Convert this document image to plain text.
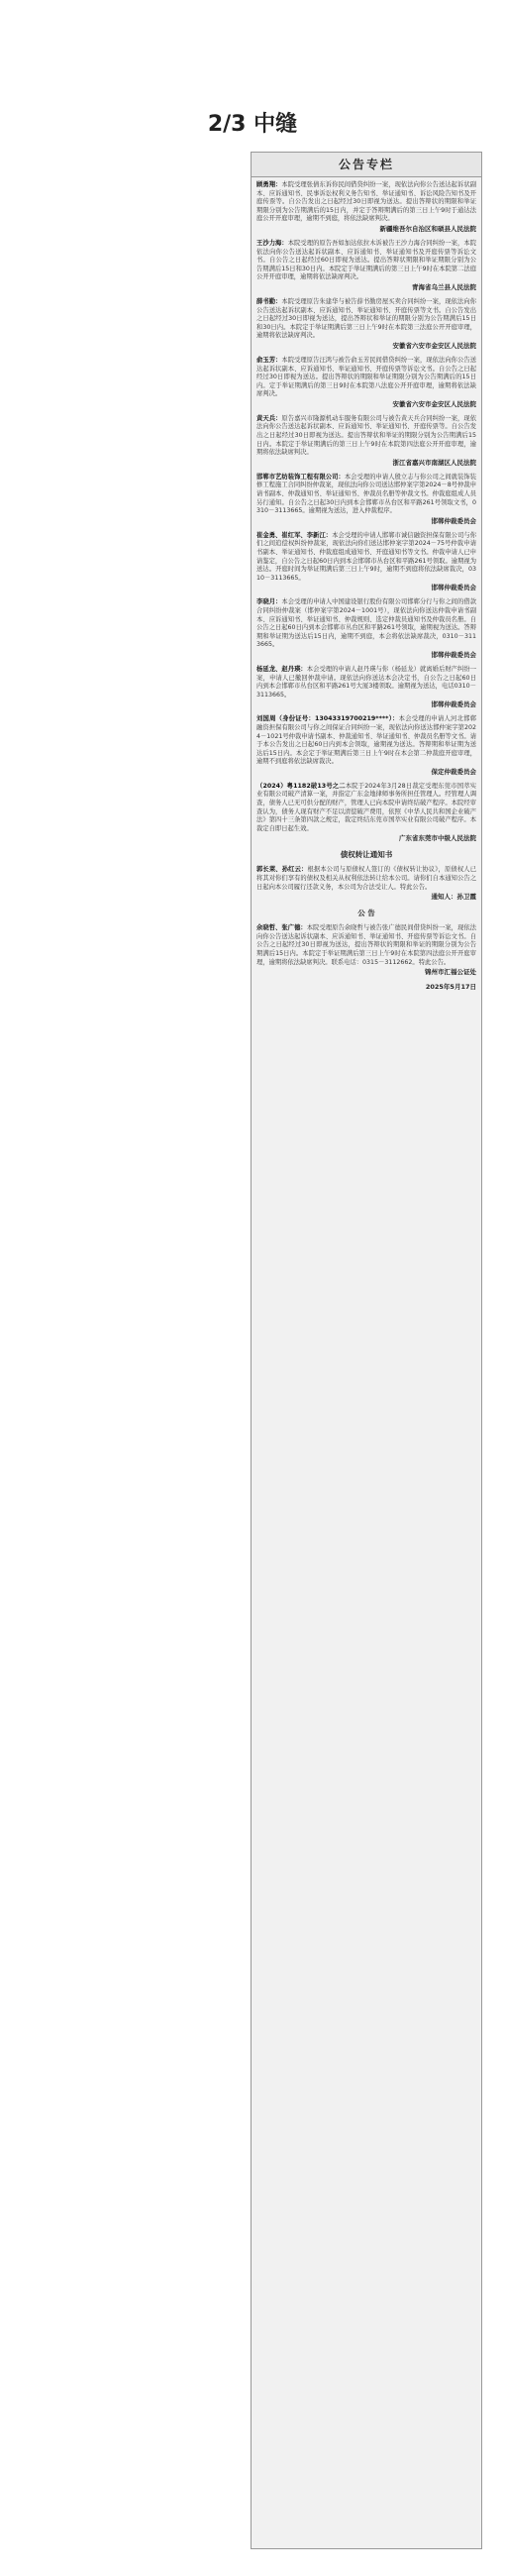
2/3 中缝
公告专栏

顾勇翔：本院受理张倩东诉你民间借贷纠纷一案，现依法向你公告送达起诉状副本、应诉通知书、民事诉讼权利义务告知书、举证通知书、诉讼风险告知书及开庭传票等。自公告发出之日起经过30日即视为送达。提出答辩状的期限和举证期限分别为公告期满后的15日内，并定于答辩期满后的第三日上午9时于通达法庭公开开庭审理，逾期不到庭，将依法缺席判决。

新疆维吾尔自治区和硕县人民法院

王沙力海：本院受理的原告吾如加达依拉木诉被告王沙力海合同纠纷一案，本院依法向你公告送达起诉状副本、应诉通知书、举证通知书及开庭传票等诉讼文书。自公告之日起经过60日即视为送达。提出答辩状期限和举证期限分别为公告期满后15日和30日内。本院定于举证期满后的第三日上午9时在本院第二法庭公开开庭审理，逾期将依法缺席判决。

青海省乌兰县人民法院

薛书勤：本院受理原告朱建华与被告薛书勤房屋买卖合同纠纷一案，现依法向你公告送达起诉状副本、应诉通知书、举证通知书、开庭传票等文书。自公告发出之日起经过30日即视为送达，提出答辩状和举证的期限分别为公告期满后15日和30日内。本院定于举证期满后第三日上午9时在本院第三法庭公开开庭审理，逾期将依法缺席判决。

安徽省六安市金安区人民法院

俞玉芳：本院受理原告汪鸿与被告俞玉芳民间借贷纠纷一案，现依法向你公告送达起诉状副本、应诉通知书、举证通知书、开庭传票等诉讼文书。自公告之日起经过30日即视为送达。提出答辩状的期限和举证期限分别为公告期满后的15日内。定于举证期满后的第三日9时在本院第八法庭公开开庭审理，逾期将依法缺席判决。

安徽省六安市金安区人民法院

黄天兵：原告嘉兴市隆源机动车服务有限公司与被告黄天兵合同纠纷一案，现依法向你公告送达起诉状副本、应诉通知书、举证通知书、开庭传票等。自公告发出之日起经过30日即视为送达。提出答辩状和举证的期限分别为公告期满后15日内。本院定于举证期满后的第三日上午9时在本院第四法庭公开开庭审理，逾期将依法缺席判决。

浙江省嘉兴市南湖区人民法院

邯郸市艺纺装饰工程有限公司：本会受理的申请人殷立志与你公司之间就装饰装修工程施工合同纠纷仲裁案，现依法向你公司送达邯仲案字第2024－8号仲裁申请书副本、仲裁通知书、举证通知书、仲裁员名册等仲裁文书。仲裁庭组成人员另行通知。自公告之日起30日内到本会邯郸市丛台区和平路261号领取文书，0310－3113665。逾期视为送达，进入仲裁程序。

邯郸仲裁委员会

崔金勇、崔红军、李新江：本会受理的申请人邯郸市诚信融资担保有限公司与你们之间追偿权纠纷仲裁案，现依法向你们送达邯仲案字第2024－75号仲裁申请书副本、举证通知书、仲裁庭组成通知书、开庭通知书等文书。仲裁申请人已申请鉴定，自公告之日起60日内到本会邯郸市丛台区和平路261号领取。逾期视为送达。开庭时间为举证期满后第三日上午9时，逾期不到庭将依法缺席裁决，0310－3113665。

邯郸仲裁委员会

李晓月：本会受理的申请人中国建设银行股份有限公司邯郸分行与你之间的借款合同纠纷仲裁案（邯仲案字第2024－1001号），现依法向你送达仲裁申请书副本、应诉通知书、举证通知书、仲裁规则、选定仲裁员通知书及仲裁员名册。自公告之日起60日内到本会邯郸市丛台区和平路261号领取，逾期视为送达。答辩期和举证期为送达后15日内，逾期不到庭，本会将依法缺席裁决，0310－3113665。

邯郸仲裁委员会

杨延龙、赵丹瑛：本会受理的申请人赵丹瑛与你（杨延龙）就离婚后财产纠纷一案，申请人已撤回仲裁申请。现依法向你送达本会决定书，自公告之日起60日内到本会邯郸市丛台区和平路261号大厦3楼领取。逾期视为送达，电话0310－3113665。

邯郸仲裁委员会

刘国周（身份证号：13043319700219****）：本会受理的申请人河北邯郸融资担保有限公司与你之间保证合同纠纷一案，现依法向你送达邯仲案字第2024－1021号仲裁申请书副本、仲裁通知书、举证通知书、仲裁员名册等文书。请于本公告发出之日起60日内到本会领取，逾期视为送达。答辩期和举证期为送达后15日内。本会定于举证期满后第三日上午9时在本会第二仲裁庭开庭审理，逾期不到庭将依法缺席裁决。

保定仲裁委员会

（2024）粤1182破13号之二本院于2024年3月28日裁定受理东莞市国萃实业有限公司破产清算一案，并指定广东金地律师事务所担任管理人。经管理人调查，债务人已无可供分配的财产，管理人已向本院申请终结破产程序。本院经审查认为，债务人现有财产不足以清偿破产费用，依照《中华人民共和国企业破产法》第四十三条第四款之规定，裁定终结东莞市国萃实业有限公司破产程序。本裁定自即日起生效。

广东省东莞市中级人民法院
债权转让通知书

郭长莱、孙红云：根据本公司与原债权人签订的《债权转让协议》，原债权人已将其对你们享有的债权及相关从权利依法转让给本公司。请你们自本通知公告之日起向本公司履行还款义务，本公司为合法受让人。特此公告。

通知人：孙卫霞
公 告

余晓哲、张广德：本院受理原告余晓哲与被告张广德民间借贷纠纷一案，现依法向你公告送达起诉状副本、应诉通知书、举证通知书、开庭传票等诉讼文书。自公告之日起经过30日即视为送达，提出答辩状的期限和举证的期限分别为公告期满后15日内。本院定于举证期满后第三日上午9时在本院第四法庭公开开庭审理，逾期将依法缺席判决。联系电话：0315－3112662。特此公告。

锦州市汇福公证处
2025年5月17日
